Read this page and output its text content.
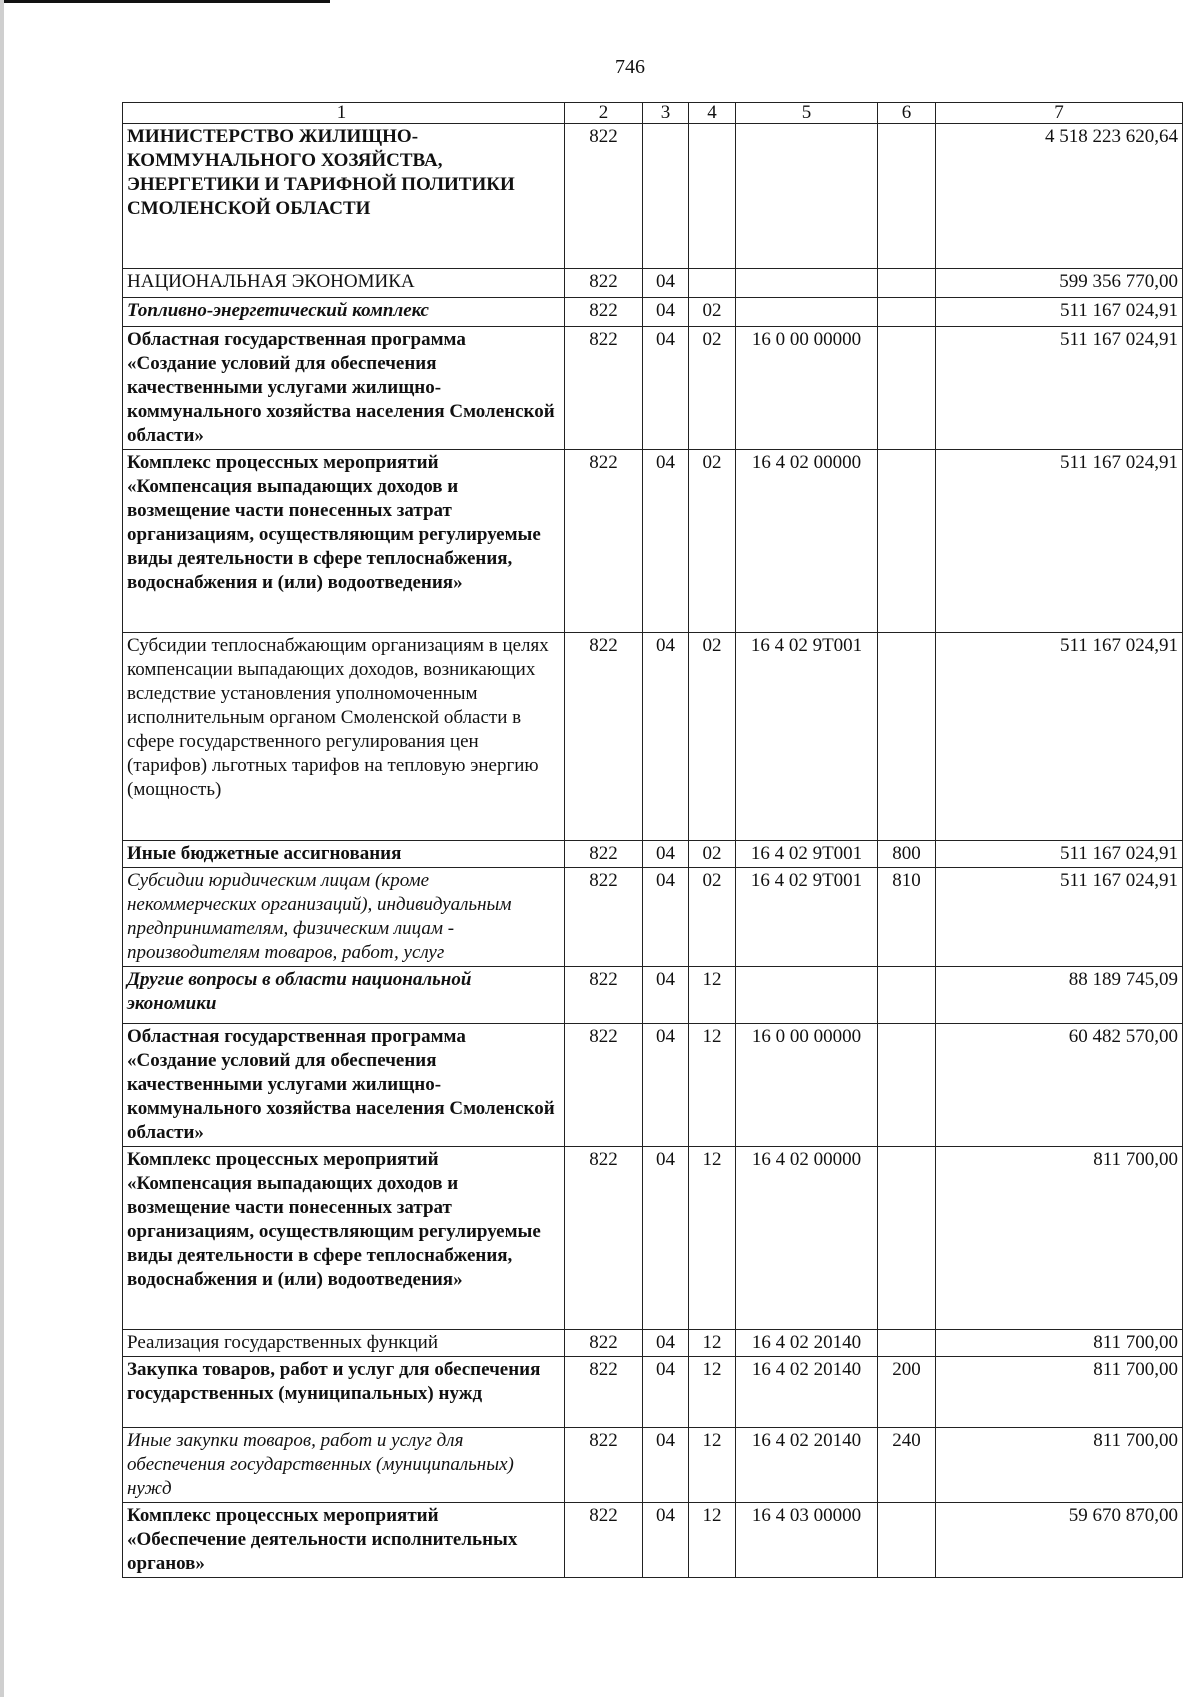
746
1	2	3	4	5	6	7
МИНИСТЕРСТВО ЖИЛИЩНО-КОММУНАЛЬНОГО ХОЗЯЙСТВА, ЭНЕРГЕТИКИ И ТАРИФНОЙ ПОЛИТИКИ СМОЛЕНСКОЙ ОБЛАСТИ	822					4 518 223 620,64
НАЦИОНАЛЬНАЯ ЭКОНОМИКА	822	04				599 356 770,00
Топливно-энергетический комплекс	822	04	02			511 167 024,91
Областная государственная программа «Создание условий для обеспечения качественными услугами жилищно-коммунального хозяйства населения Смоленской области»	822	04	02	16 0 00 00000		511 167 024,91
Комплекс процессных мероприятий «Компенсация выпадающих доходов и возмещение части понесенных затрат организациям, осуществляющим регулируемые виды деятельности в сфере теплоснабжения, водоснабжения и (или) водоотведения»	822	04	02	16 4 02 00000		511 167 024,91
Субсидии теплоснабжающим организациям в целях компенсации выпадающих доходов, возникающих вследствие установления уполномоченным исполнительным органом Смоленской области в сфере государственного регулирования цен (тарифов) льготных тарифов на тепловую энергию (мощность)	822	04	02	16 4 02 9Т001		511 167 024,91
Иные бюджетные ассигнования	822	04	02	16 4 02 9Т001	800	511 167 024,91
Субсидии юридическим лицам (кроме некоммерческих организаций), индивидуальным предпринимателям, физическим лицам - производителям товаров, работ, услуг	822	04	02	16 4 02 9Т001	810	511 167 024,91
Другие вопросы в области национальной экономики	822	04	12			88 189 745,09
Областная государственная программа «Создание условий для обеспечения качественными услугами жилищно-коммунального хозяйства населения Смоленской области»	822	04	12	16 0 00 00000		60 482 570,00
Комплекс процессных мероприятий «Компенсация выпадающих доходов и возмещение части понесенных затрат организациям, осуществляющим регулируемые виды деятельности в сфере теплоснабжения, водоснабжения и (или) водоотведения»	822	04	12	16 4 02 00000		811 700,00
Реализация государственных функций	822	04	12	16 4 02 20140		811 700,00
Закупка товаров, работ и услуг для обеспечения государственных (муниципальных) нужд	822	04	12	16 4 02 20140	200	811 700,00
Иные закупки товаров, работ и услуг для обеспечения государственных (муниципальных) нужд	822	04	12	16 4 02 20140	240	811 700,00
Комплекс процессных мероприятий «Обеспечение деятельности исполнительных органов»	822	04	12	16 4 03 00000		59 670 870,00
